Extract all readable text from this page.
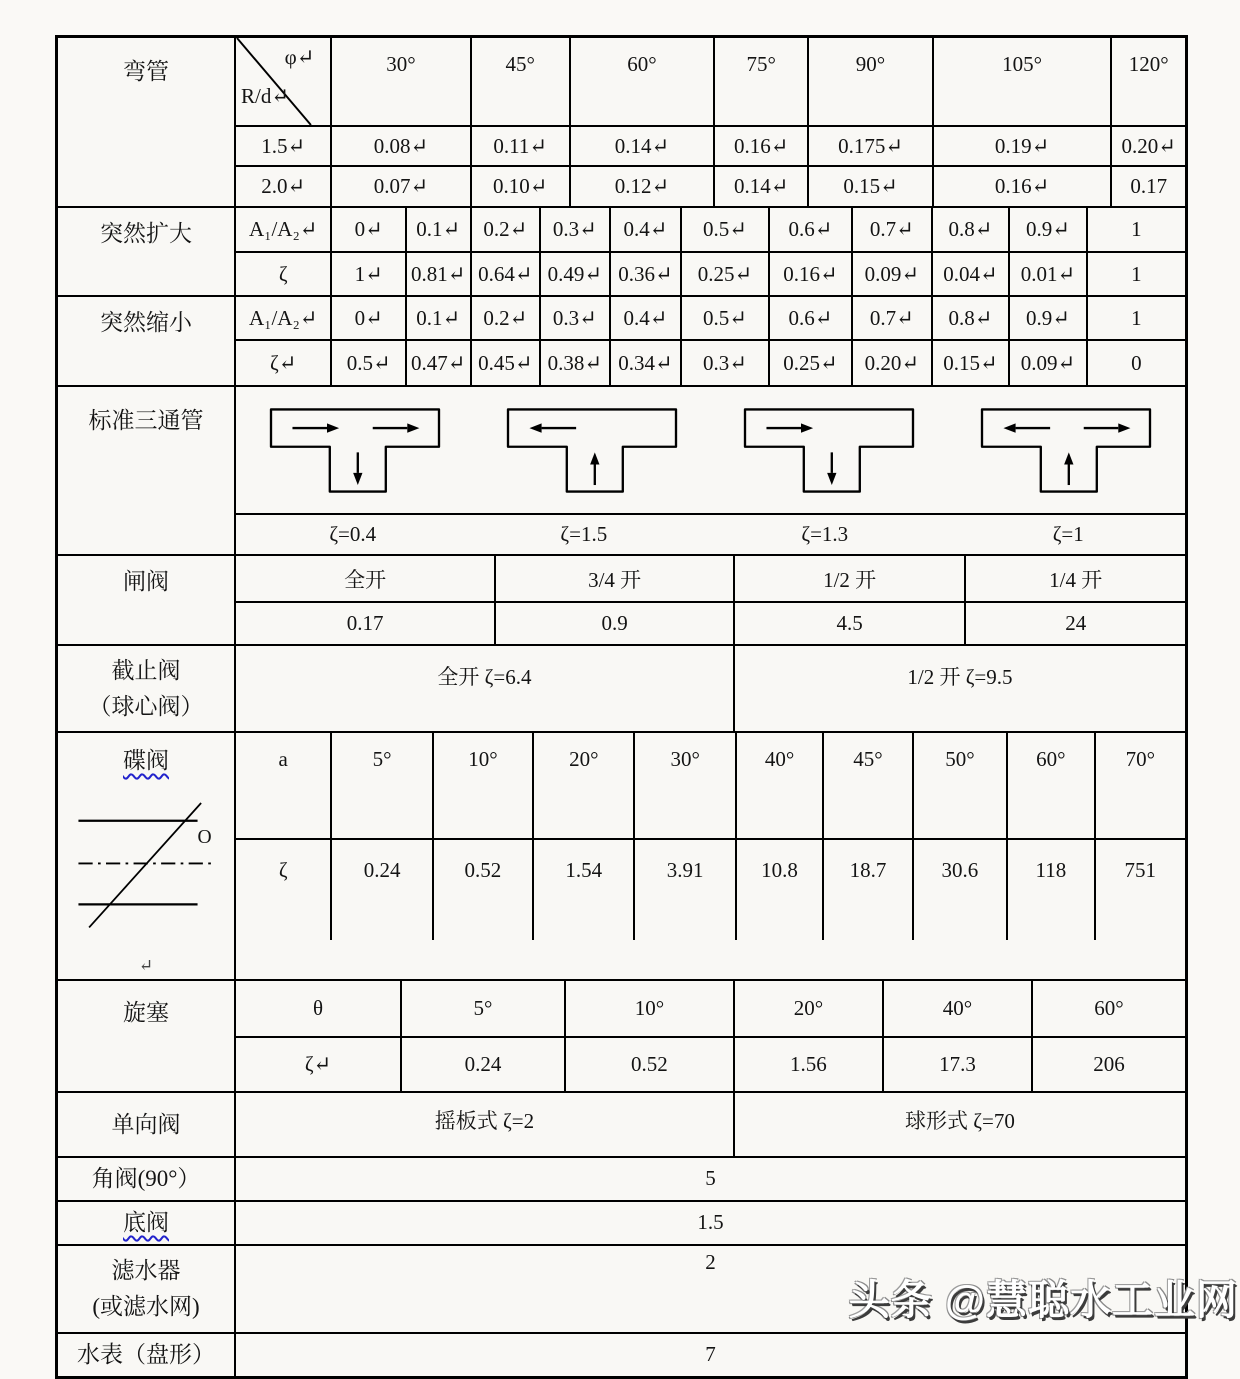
弯管
φ↵
R/d↵
30°	45°	60°	75°	90°	105°	120°
1.5↵	0.08↵	0.11↵	0.14↵	0.16↵	0.175↵	0.19↵	0.20↵
2.0↵	0.07↵	0.10↵	0.12↵	0.14↵	0.15↵	0.16↵	0.17
突然扩大	A₁/A₂↵	0↵	0.1↵	0.2↵	0.3↵	0.4↵	0.5↵	0.6↵	0.7↵	0.8↵	0.9↵	1
ζ	1↵	0.81↵ 0.64↵ 0.49↵ 0.36↵	0.25↵	0.16↵	0.09↵	0.04↵	0.01↵	1
突然缩小	A₁/A₂↵	0↵	0.1↵	0.2↵	0.3↵	0.4↵	0.5↵	0.6↵	0.7↵	0.8↵	0.9↵	1
ζ↵	0.5↵ 0.47↵ 0.45↵ 0.38↵ 0.34↵	0.3↵	0.25↵	0.20↵	0.15↵	0.09↵	0
标准三通管
ζ=0.4	ζ=1.5	ζ=1.3	ζ=1
闸阀	全开	3/4 开	1/2 开	1/4 开
0.17	0.9	4.5	24
截止阀
（球心阀）
全开 ζ=6.4	1/2 开 ζ=9.5
碟阀
O
↵
a	5°	10°	20°	30°	40°	45°	50°	60°	70°
ζ	0.24	0.52	1.54	3.91	10.8	18.7	30.6	118	751
旋塞	θ	5°	10°	20°	40°	60°
ζ↵	0.24	0.52	1.56	17.3	206
单向阀	摇板式 ζ=2	球形式 ζ=70
角阀(90°）	5
底阀	1.5
滤水器
(或滤水网)
2
水表（盘形）	7
头条 @慧聪水工业网
